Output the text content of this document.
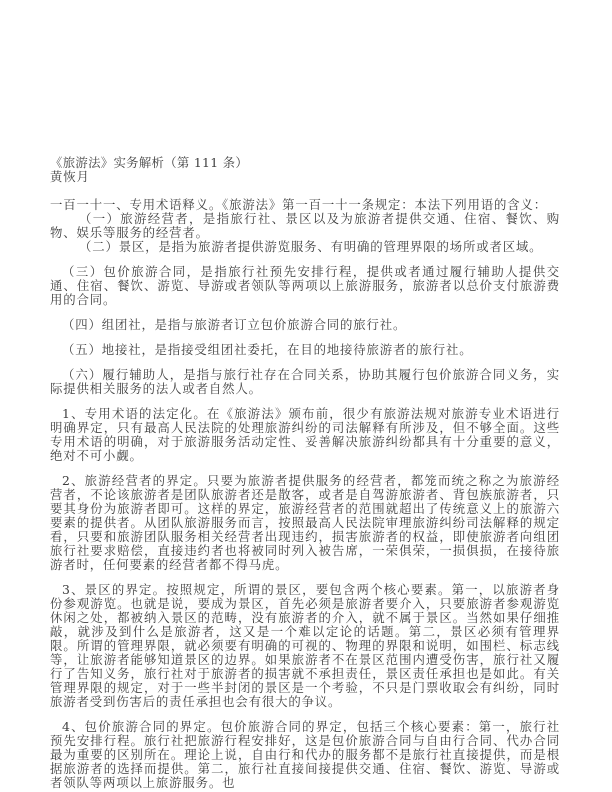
《旅游法》实务解析（第 111 条）

黄恢月

一百一十一、专用术语释义。《旅游法》第一百一十一条规定：本法下列用语的含义：

（一）旅游经营者，是指旅行社、景区以及为旅游者提供交通、住宿、餐饮、购物、娱乐等服务的经营者。

（二）景区，是指为旅游者提供游览服务、有明确的管理界限的场所或者区域。

（三）包价旅游合同，是指旅行社预先安排行程，提供或者通过履行辅助人提供交通、住宿、餐饮、游览、导游或者领队等两项以上旅游服务，旅游者以总价支付旅游费用的合同。

（四）组团社，是指与旅游者订立包价旅游合同的旅行社。

（五）地接社，是指接受组团社委托，在目的地接待旅游者的旅行社。

（六）履行辅助人，是指与旅行社存在合同关系，协助其履行包价旅游合同义务，实际提供相关服务的法人或者自然人。

1、专用术语的法定化。在《旅游法》颁布前，很少有旅游法规对旅游专业术语进行明确界定，只有最高人民法院的处理旅游纠纷的司法解释有所涉及，但不够全面。这些专用术语的明确，对于旅游服务活动定性、妥善解决旅游纠纷都具有十分重要的意义，绝对不可小觑。

2、旅游经营者的界定。只要为旅游者提供服务的经营者，都笼而统之称之为旅游经营者，不论该旅游者是团队旅游者还是散客，或者是自驾游旅游者、背包族旅游者，只要其身份为旅游者即可。这样的界定，旅游经营者的范围就超出了传统意义上的旅游六要素的提供者。从团队旅游服务而言，按照最高人民法院审理旅游纠纷司法解释的规定看，只要和旅游团队服务相关经营者出现违约，损害旅游者的权益，即使旅游者向组团旅行社要求赔偿，直接违约者也将被同时列入被告席，一荣俱荣，一损俱损，在接待旅游者时，任何要素的经营者都不得马虎。

3、景区的界定。按照规定，所谓的景区，要包含两个核心要素。第一，以旅游者身份参观游览。也就是说，要成为景区，首先必须是旅游者要介入，只要旅游者参观游览休闲之处，都被纳入景区的范畴，没有旅游者的介入，就不属于景区。当然如果仔细推敲，就涉及到什么是旅游者，这又是一个难以定论的话题。第二，景区必须有管理界限。所谓的管理界限，就必须要有明确的可视的、物理的界限和说明，如围栏、标志线等，让旅游者能够知道景区的边界。如果旅游者不在景区范围内遭受伤害，旅行社又履行了告知义务，旅行社对于旅游者的损害就不承担责任，景区责任承担也是如此。有关管理界限的规定，对于一些半封闭的景区是一个考验，不只是门票收取会有纠纷，同时旅游者受到伤害后的责任承担也会有很大的争议。

4、包价旅游合同的界定。包价旅游合同的界定，包括三个核心要素：第一，旅行社预先安排行程。旅行社把旅游行程安排好，这是包价旅游合同与自由行合同、代办合同最为重要的区别所在。理论上说，自由行和代办的服务都不是旅行社直接提供，而是根据旅游者的选择而提供。第二，旅行社直接间接提供交通、住宿、餐饮、游览、导游或者领队等两项以上旅游服务。也
